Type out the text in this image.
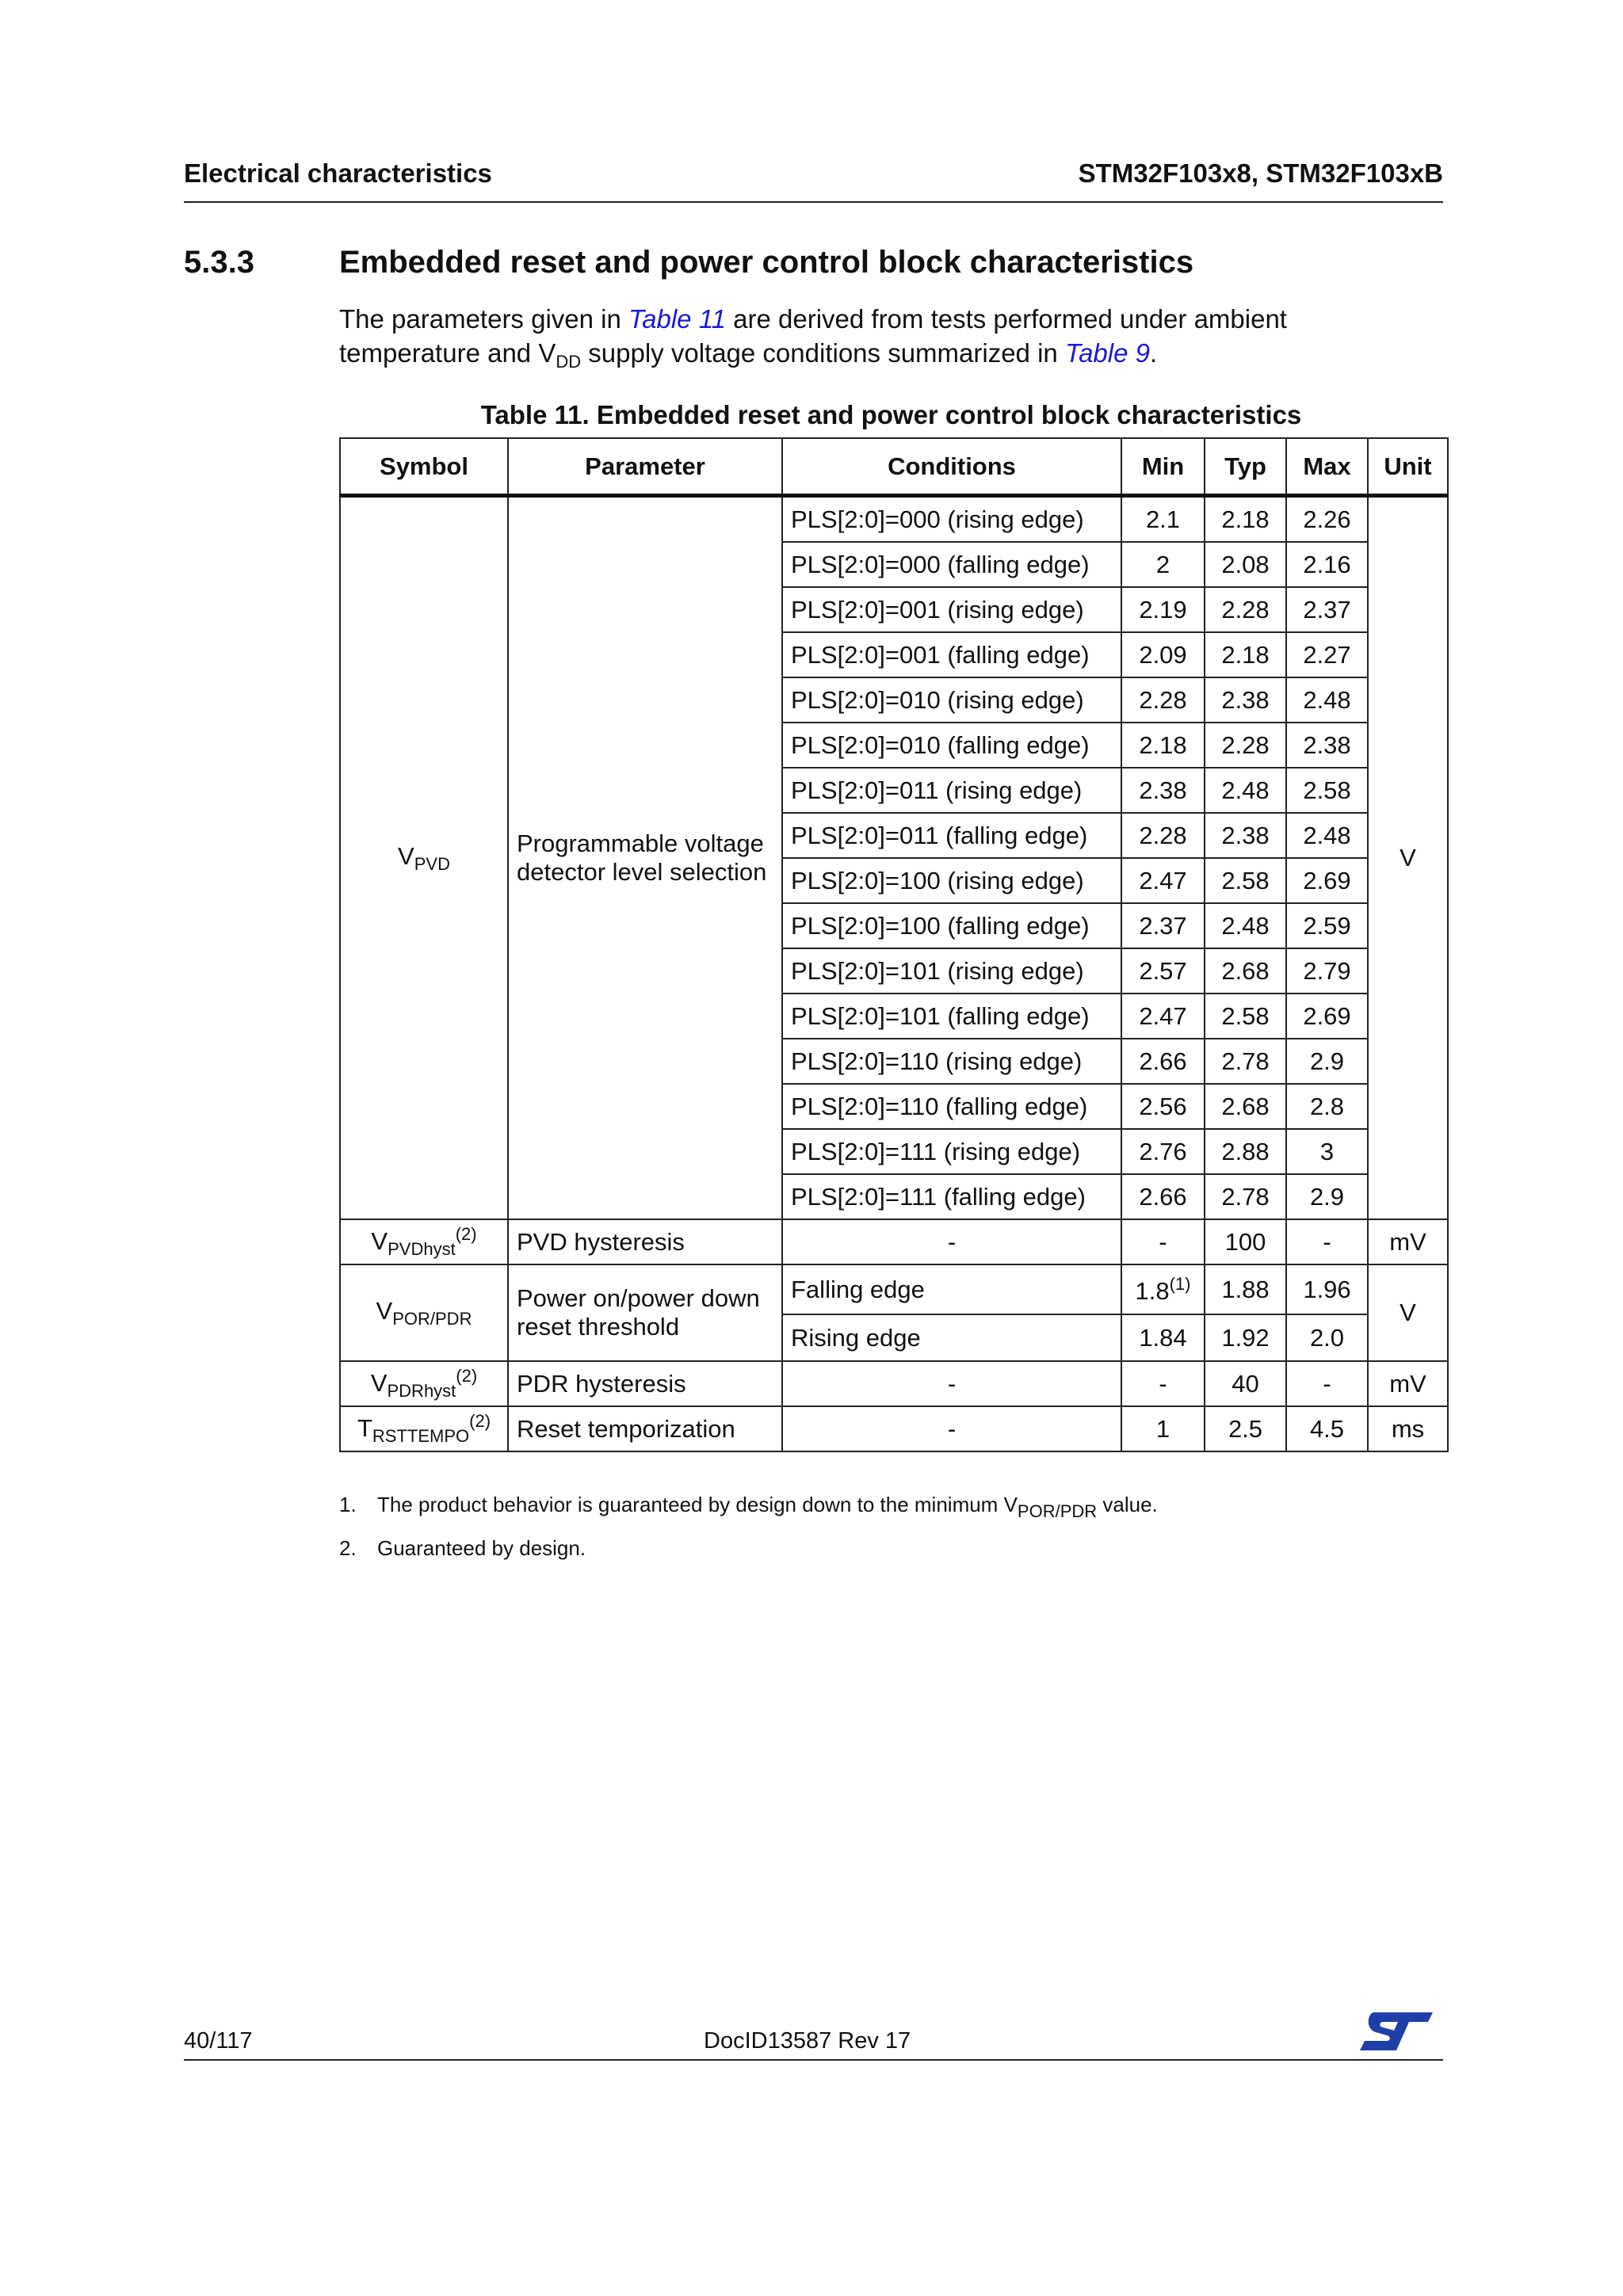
Electrical characteristics	STM32F103x8, STM32F103xB
5.3.3	Embedded reset and power control block characteristics
The parameters given in Table 11 are derived from tests performed under ambient temperature and $V_{DD}$ supply voltage conditions summarized in Table 9.
Table 11. Embedded reset and power control block characteristics
Symbol	Parameter	Conditions	Min	Typ	Max	Unit
$V_{PVD}$	Programmable voltage detector level selection	PLS[2:0]=000 (rising edge)	2.1	2.18	2.26	V
		PLS[2:0]=000 (falling edge)	2	2.08	2.16	
		PLS[2:0]=001 (rising edge)	2.19	2.28	2.37	
		PLS[2:0]=001 (falling edge)	2.09	2.18	2.27	
		PLS[2:0]=010 (rising edge)	2.28	2.38	2.48	
		PLS[2:0]=010 (falling edge)	2.18	2.28	2.38	
		PLS[2:0]=011 (rising edge)	2.38	2.48	2.58	
		PLS[2:0]=011 (falling edge)	2.28	2.38	2.48	
		PLS[2:0]=100 (rising edge)	2.47	2.58	2.69	
		PLS[2:0]=100 (falling edge)	2.37	2.48	2.59	
		PLS[2:0]=101 (rising edge)	2.57	2.68	2.79	
		PLS[2:0]=101 (falling edge)	2.47	2.58	2.69	
		PLS[2:0]=110 (rising edge)	2.66	2.78	2.9	
		PLS[2:0]=110 (falling edge)	2.56	2.68	2.8	
		PLS[2:0]=111 (rising edge)	2.76	2.88	3	
		PLS[2:0]=111 (falling edge)	2.66	2.78	2.9	
$V_{PVDhyst}^{(2)}$	PVD hysteresis	-	-	100	-	mV
$V_{POR/PDR}$	Power on/power down reset threshold	Falling edge	1.8$^{(1)}$	1.88	1.96	V
		Rising edge	1.84	1.92	2.0	
$V_{PDRhyst}^{(2)}$	PDR hysteresis	-	-	40	-	mV
$T_{RSTTEMPO}^{(2)}$	Reset temporization	-	1	2.5	4.5	ms
1.	The product behavior is guaranteed by design down to the minimum $V_{POR/PDR}$ value.
2.	Guaranteed by design.
40/117	DocID13587 Rev 17
